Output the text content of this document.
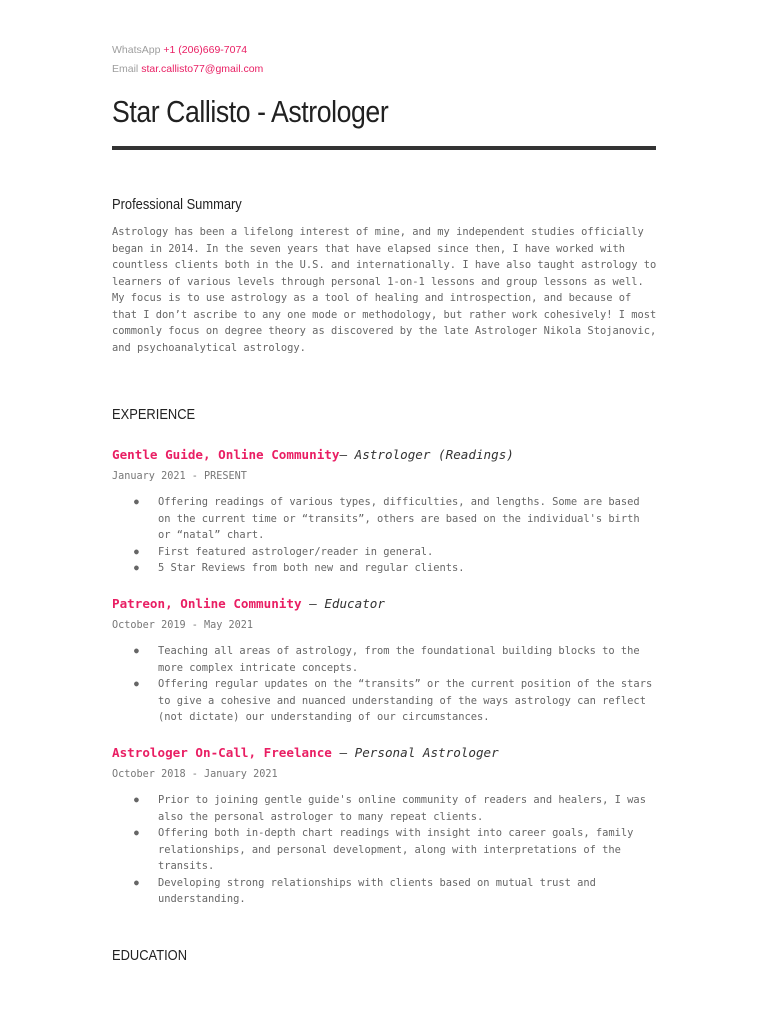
WhatsApp +1 (206)669-7074
Email star.callisto77@gmail.com
Star Callisto - Astrologer
Professional Summary

Astrology has been a lifelong interest of mine, and my independent studies officially began in 2014. In the seven years that have elapsed since then, I have worked with countless clients both in the U.S. and internationally. I have also taught astrology to learners of various levels through personal 1-on-1 lessons and group lessons as well. My focus is to use astrology as a tool of healing and introspection, and because of that I don’t ascribe to any one mode or methodology, but rather work cohesively! I most commonly focus on degree theory as discovered by the late Astrologer Nikola Stojanovic, and psychoanalytical astrology.

EXPERIENCE
Gentle Guide, Online Community— Astrologer (Readings)
January 2021 - PRESENT
● Offering readings of various types, difficulties, and lengths. Some are based on the current time or “transits”, others are based on the individual's birth or “natal” chart.
● First featured astrologer/reader in general.
● 5 Star Reviews from both new and regular clients.
Patreon, Online Community — Educator
October 2019 - May 2021
● Teaching all areas of astrology, from the foundational building blocks to the more complex intricate concepts.
● Offering regular updates on the “transits” or the current position of the stars to give a cohesive and nuanced understanding of the ways astrology can reflect (not dictate) our understanding of our circumstances.
Astrologer On-Call, Freelance — Personal Astrologer
October 2018 - January 2021
● Prior to joining gentle guide's online community of readers and healers, I was also the personal astrologer to many repeat clients.
● Offering both in-depth chart readings with insight into career goals, family relationships, and personal development, along with interpretations of the transits.
● Developing strong relationships with clients based on mutual trust and understanding.
EDUCATION
